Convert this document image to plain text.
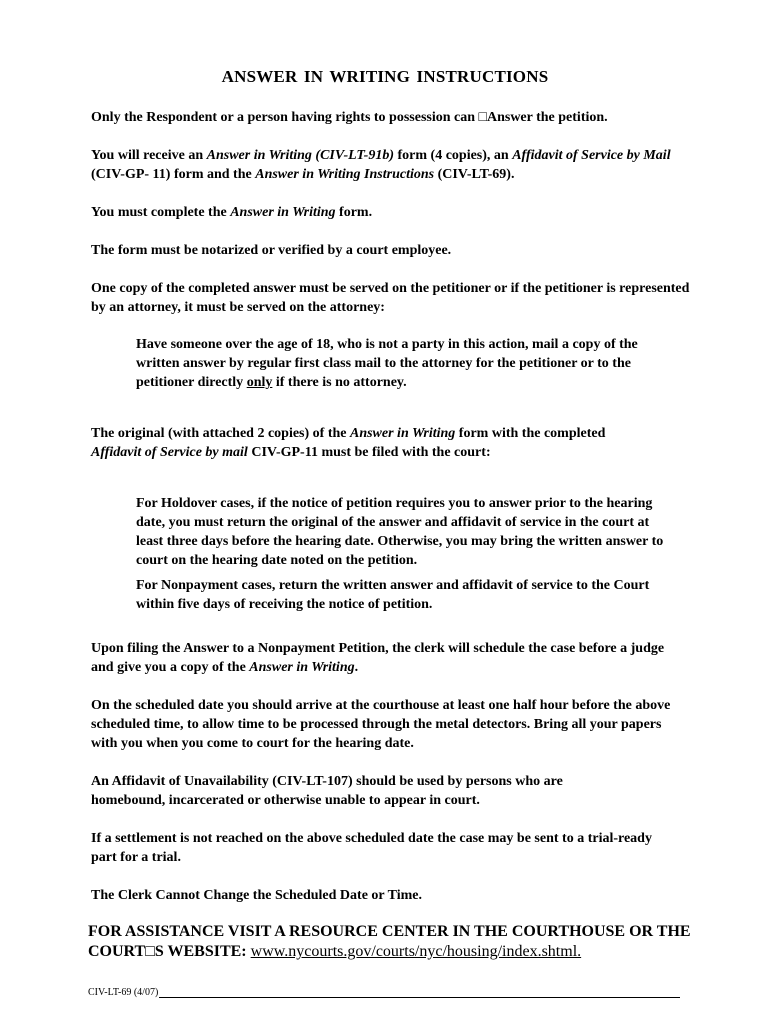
ANSWER IN WRITING INSTRUCTIONS
Only the Respondent or a person having rights to possession can □Answer the petition.
You will receive an Answer in Writing (CIV-LT-91b) form (4 copies), an Affidavit of Service by Mail (CIV-GP- 11) form and the Answer in Writing Instructions (CIV-LT-69).
You must complete the Answer in Writing form.
The form must be notarized or verified by a court employee.
One copy of the completed answer must be served on the petitioner or if the petitioner is represented by an attorney, it must be served on the attorney:
Have someone over the age of 18, who is not a party in this action, mail a copy of the written answer by regular first class mail to the attorney for the petitioner or to the petitioner directly only if there is no attorney.
The original (with attached 2 copies) of the Answer in Writing form with the completed Affidavit of Service by mail CIV-GP-11 must be filed with the court:
For Holdover cases, if the notice of petition requires you to answer prior to the hearing date, you must return the original of the answer and affidavit of service in the court at least three days before the hearing date. Otherwise, you may bring the written answer to court on the hearing date noted on the petition.
For Nonpayment cases, return the written answer and affidavit of service to the Court within five days of receiving the notice of petition.
Upon filing the Answer to a Nonpayment Petition, the clerk will schedule the case before a judge and give you a copy of the Answer in Writing.
On the scheduled date you should arrive at the courthouse at least one half hour before the above scheduled time, to allow time to be processed through the metal detectors. Bring all your papers with you when you come to court for the hearing date.
An Affidavit of Unavailability (CIV-LT-107) should be used by persons who are homebound, incarcerated or otherwise unable to appear in court.
If a settlement is not reached on the above scheduled date the case may be sent to a trial-ready part for a trial.
The Clerk Cannot Change the Scheduled Date or Time.
FOR ASSISTANCE VISIT A RESOURCE CENTER IN THE COURTHOUSE OR THE COURT□S WEBSITE: www.nycourts.gov/courts/nyc/housing/index.shtml.
CIV-LT-69 (4/07)
